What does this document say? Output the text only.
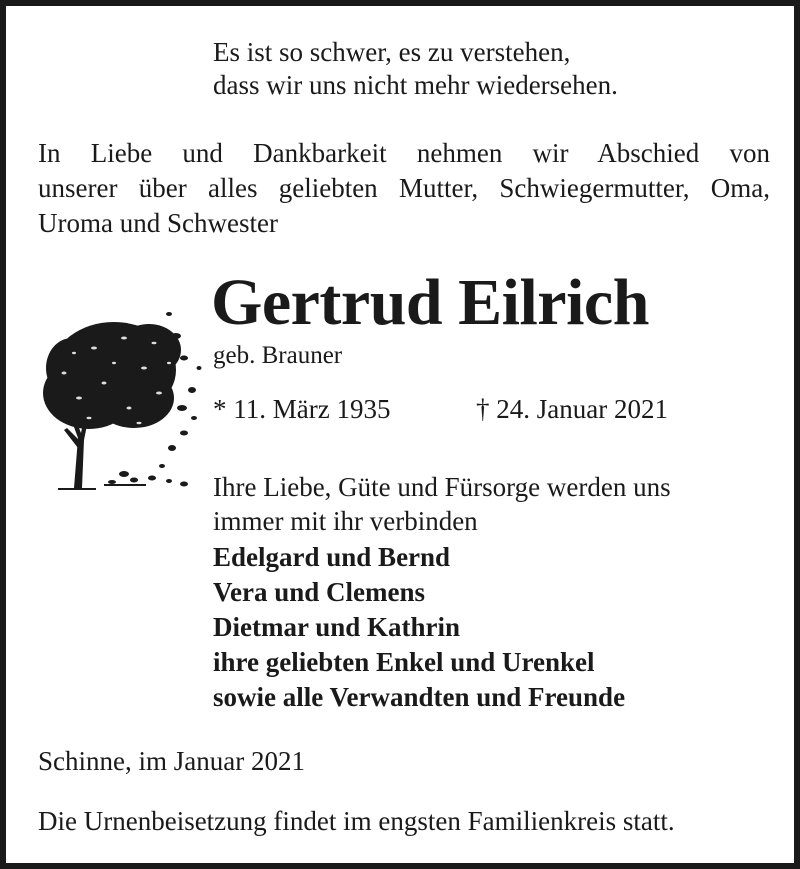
Es ist so schwer, es zu verstehen,
dass wir uns nicht mehr wiedersehen.
In Liebe und Dankbarkeit nehmen wir Abschied von
unserer über alles geliebten Mutter, Schwiegermutter, Oma,
Uroma und Schwester
Gertrud Eilrich
geb. Brauner
* 11. März 1935	† 24. Januar 2021
Ihre Liebe, Güte und Fürsorge werden uns
immer mit ihr verbinden
Edelgard und Bernd
Vera und Clemens
Dietmar und Kathrin
ihre geliebten Enkel und Urenkel
sowie alle Verwandten und Freunde
Schinne, im Januar 2021
Die Urnenbeisetzung findet im engsten Familienkreis statt.
